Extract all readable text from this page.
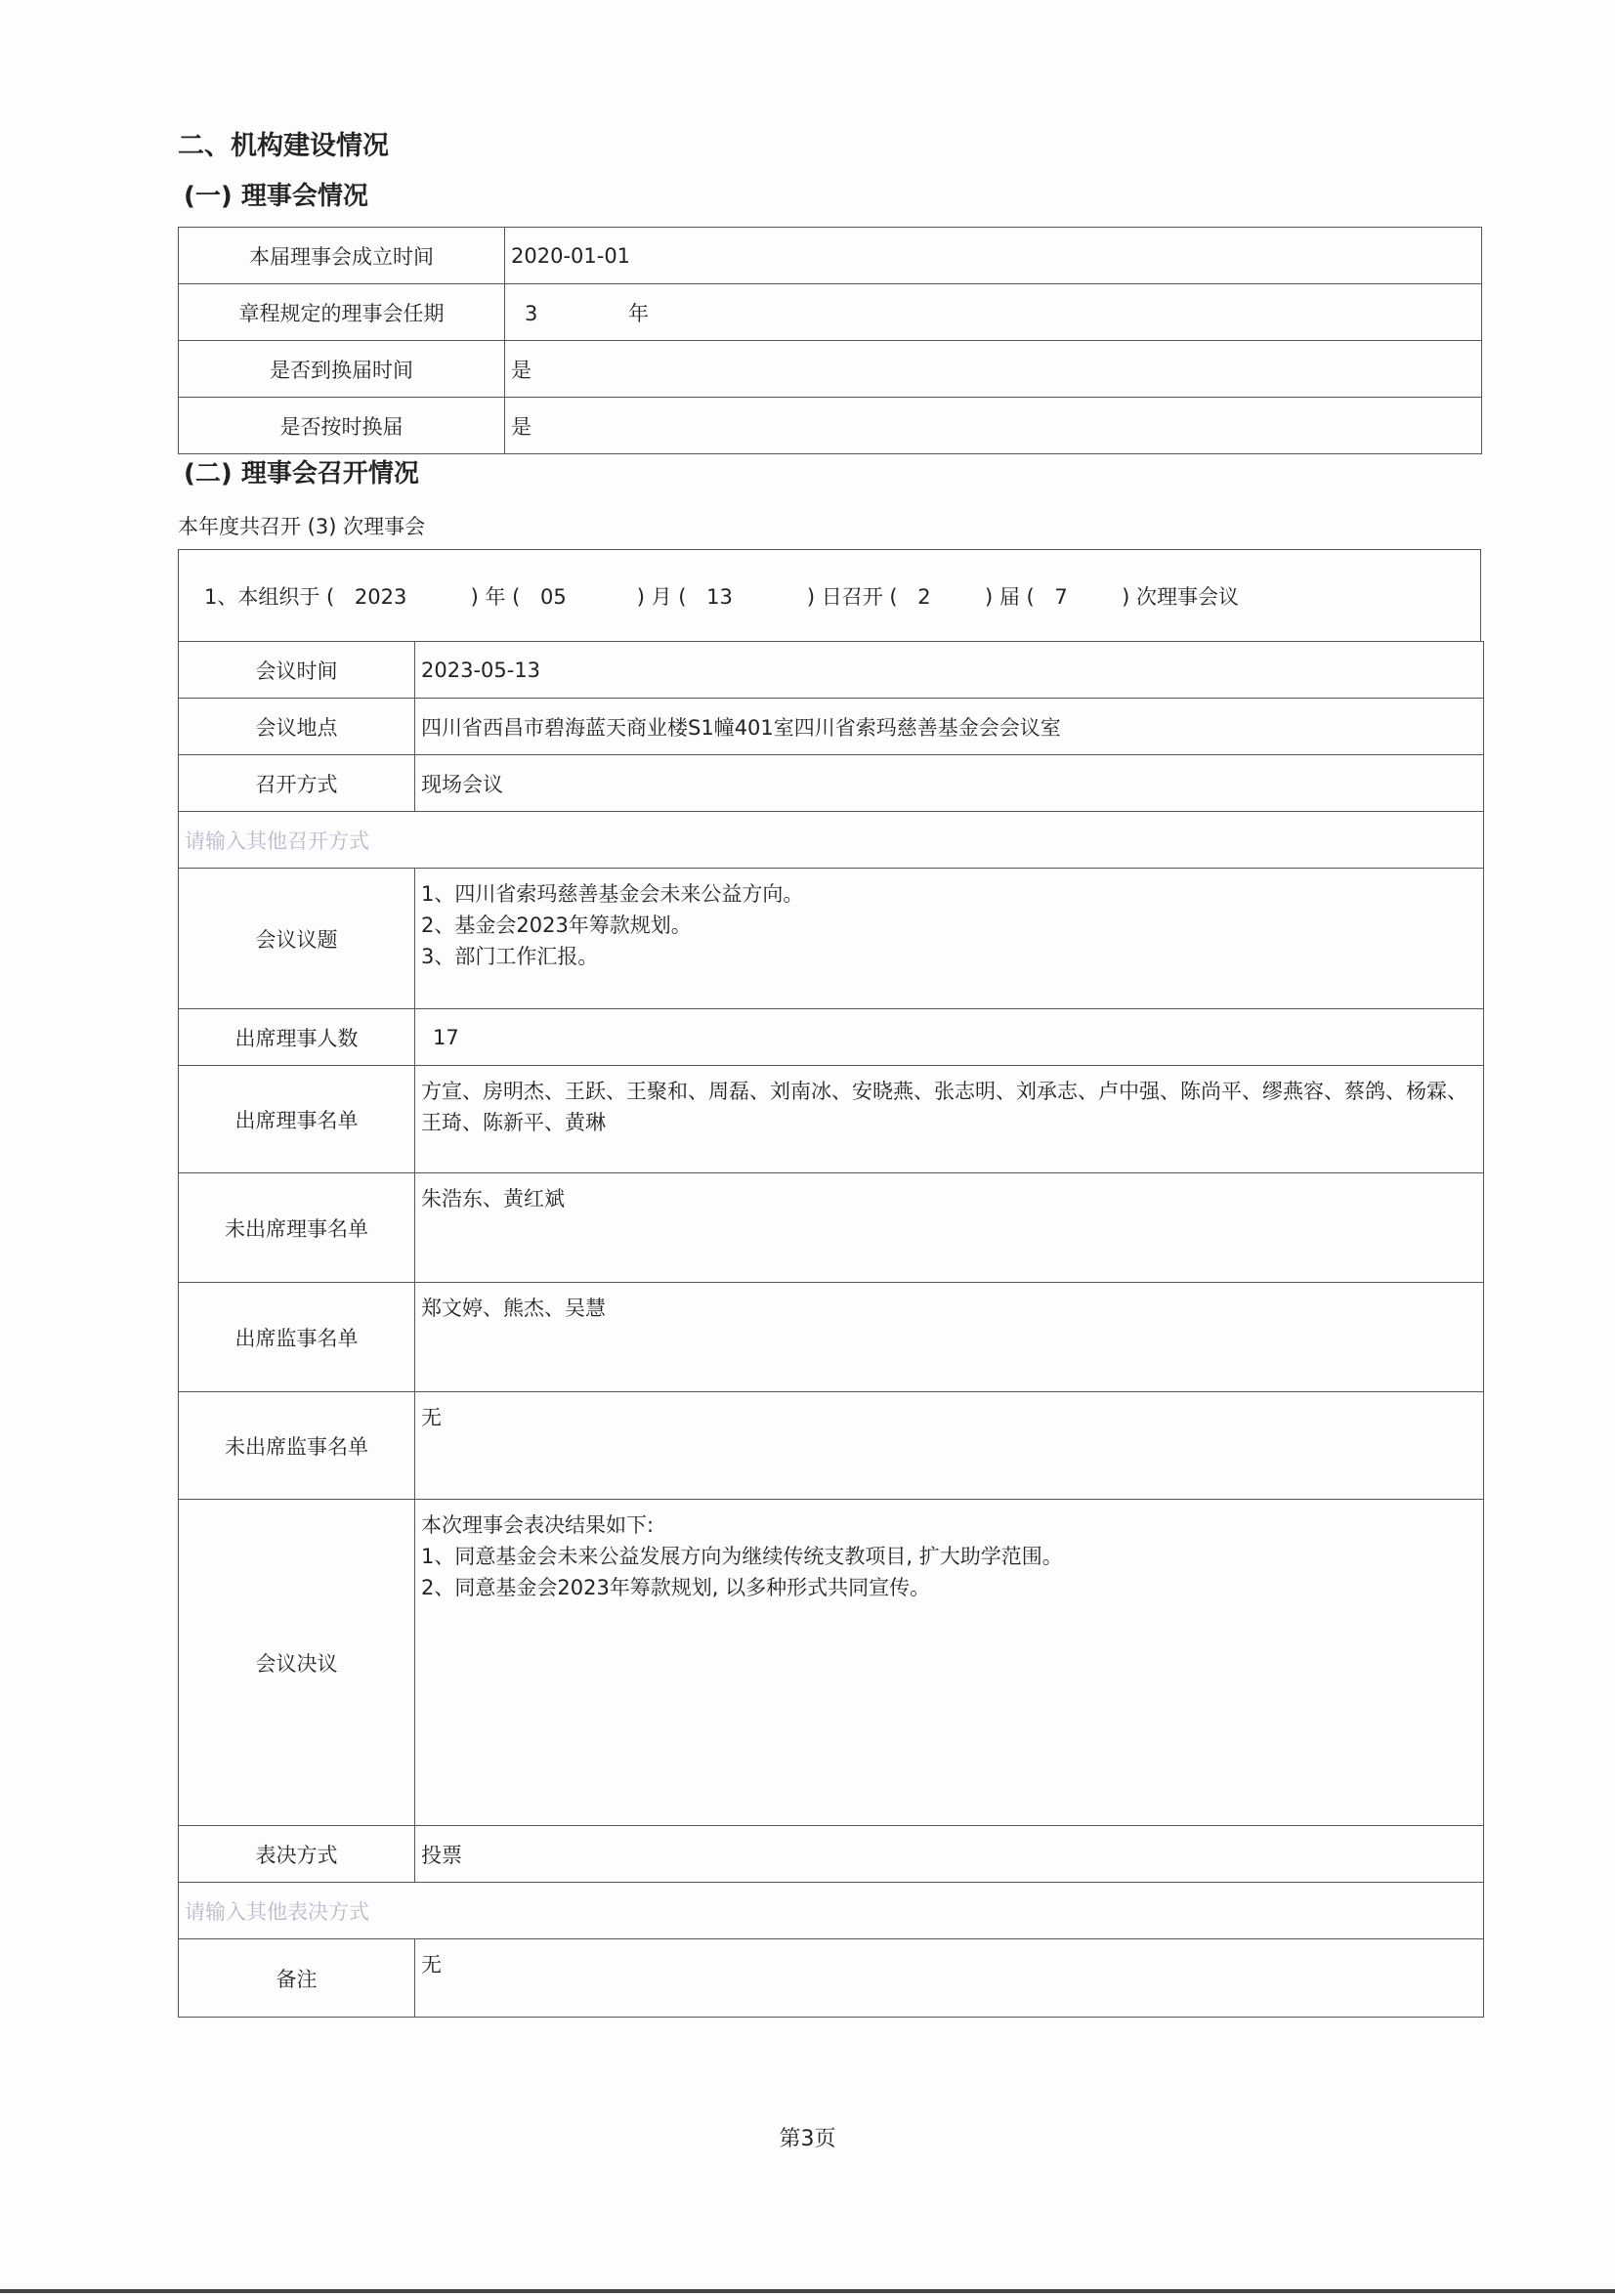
二、机构建设情况
(一) 理事会情况
本届理事会成立时间	2020-01-01
章程规定的理事会任期	3 年
是否到换届时间	是
是否按时换届	是
(二) 理事会召开情况
本年度共召开 (3) 次理事会
1、本组织于 ( 2023	) 年 ( 05	) 月 ( 13	) 日召开 ( 2	) 届 ( 7	) 次理事会议
会议时间	2023-05-13
会议地点	四川省西昌市碧海蓝天商业楼S1幢401室四川省索玛慈善基金会会议室
召开方式	现场会议
请输入其他召开方式	
会议议题	1、四川省索玛慈善基金会未来公益方向。
2、基金会2023年筹款规划。
3、部门工作汇报。

出席理事人数	17
出席理事名单	方宣、房明杰、王跃、王聚和、周磊、刘南冰、安晓燕、张志明、刘承志、卢中强、陈尚平、缪燕容、蔡鸽、杨霖、王琦、陈新平、黄琳
未出席理事名单	朱浩东、黄红斌
出席监事名单	郑文婷、熊杰、吴慧
未出席监事名单	无
会议决议	本次理事会表决结果如下:
1、同意基金会未来公益发展方向为继续传统支教项目, 扩大助学范围。
2、同意基金会2023年筹款规划, 以多种形式共同宣传。

表决方式	投票
请输入其他表决方式	
备注	无
第3页
